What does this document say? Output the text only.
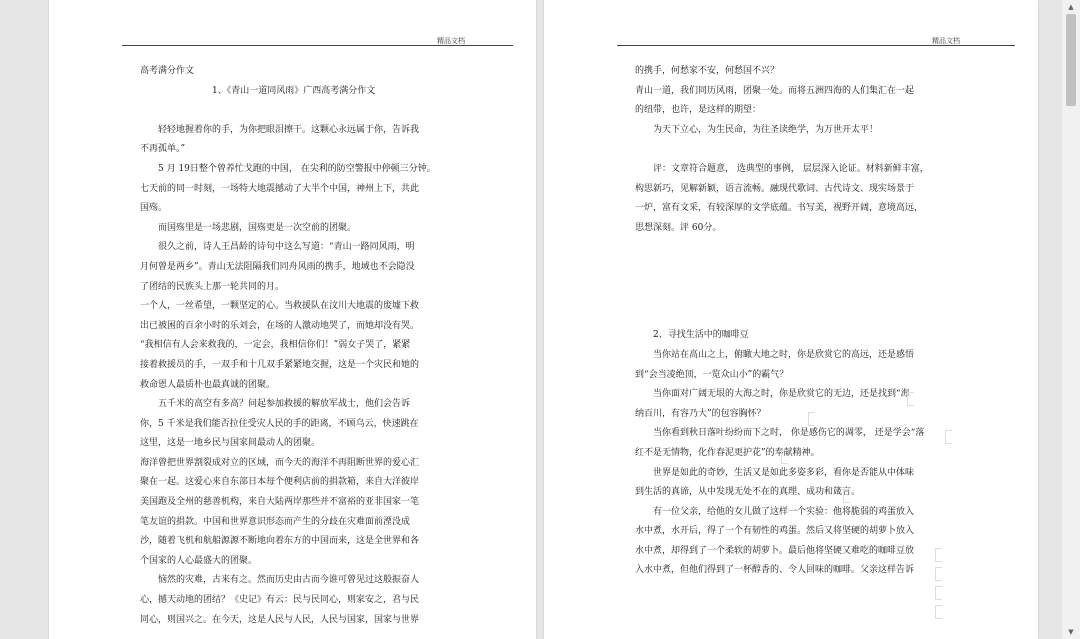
精品文档

高考满分作文

1、《青山一道同风雨》广西高考满分作文

轻轻地握着你的手，为你把眼泪擦干。这颗心永远属于你，告诉我

不再孤单。”

5 月 19日整个曾养忙戈跑的中国， 在尖利的防空警报中停顿三分钟。

七天前的同一时刻，一场特大地震撼动了大半个中国，神州上下，共此

国殇。

而国殇里是一场悲剧，国殇更是一次空前的团聚。

很久之前，诗人王昌龄的诗句中这么写道：“青山一路同风雨，明

月何曾是两乡”。青山无法阻隔我们同舟风雨的携手，地域也不会隐没

了团结的民族头上那一轮共同的月。

一个人，一丝希望，一颗坚定的心。当救援队在汶川大地震的废墟下救

出已被困的百余小时的乐刘会，在场的人激动地哭了，而她却没有哭。

“我相信有人会来救我的，一定会，我相信你们！”弱女子哭了，紧紧

接着救援员的手，一双手和十几双手紧紧地交握，这是一个灾民和她的

救命恩人最质朴也最真诚的团聚。

五千米的高空有多高？问起参加救援的解放军战士，他们会告诉

你，5 千米是我们能否拉住受灾人民的手的距离，不顾乌云，快速跳在

这里，这是一地乡民与国家间最动人的团聚。

海洋曾把世界割裂成对立的区域，而今天的海洋不再阻断世界的爱心汇

聚在一起。这爱心来自东部日本每个便利店前的捐款箱，来自大洋彼岸

美国跑及全州的慈善机构，来自大陆两岸那些并不富裕的亚非国家一笔

笔友谊的捐款。中国和世界意识形态而产生的分歧在灾难面前湮没成

沙，随着飞机和航船源源不断地向着东方的中国而来，这是全世界和各

个国家的人心最盛大的团聚。

恼然的灾难，古来有之。然而历史由古而今谁可曾见过这般振奋人

心，撼天动地的团结？《史记》有云：民与民同心，则家安之，君与民

同心，则国兴之。在今天，这是人民与人民，人民与国家，国家与世界

精品文档

的携手，何愁家不安，何愁国不兴？

青山一道，我们同历风雨，团聚一处。而将五洲四海的人们集汇在一起

的纽带，也许，是这样的期望：

为天下立心，为生民命，为往圣读绝学，为万世开太平！

评：文章符合题意， 选典型的事例， 层层深入论证。材料新鲜丰富，

构思新巧，见解新颖，语言流畅。融现代歌词、古代诗文、现实场景于

一炉，富有文采，有较深厚的文学底蕴。书写美，视野开阔，意境高远，

思想深刻。评 60分。

2、寻找生活中的咖啡豆

当你站在高山之上，俯瞰大地之时，你是欣赏它的高远，还是感悟

到“会当凌绝顶，一览众山小”的霸气？

当你面对广阔无垠的大海之时，你是欣赏它的无边，还是找到“海

纳百川，有容乃大”的包容胸怀？

当你看到秋日落叶纷纷而下之时， 你是感伤它的凋零， 还是学会“落

红不是无情物，化作春泥更护花”的奉献精神。

世界是如此的奇妙，生活又是如此多姿多彩，看你是否能从中体味

到生活的真谛，从中发现无处不在的真理、成功和箴言。

有一位父亲，给他的女儿做了这样一个实验：他将脆弱的鸡蛋放入

水中煮，水开后，得了一个有韧性的鸡蛋。然后又将坚硬的胡萝卜放入

水中煮，却得到了一个柔软的胡萝卜。最后他将坚硬又难吃的咖啡豆放

入水中煮，但他们得到了一杯醇香的、令人回味的咖啡。父亲这样告诉

▲
▼
